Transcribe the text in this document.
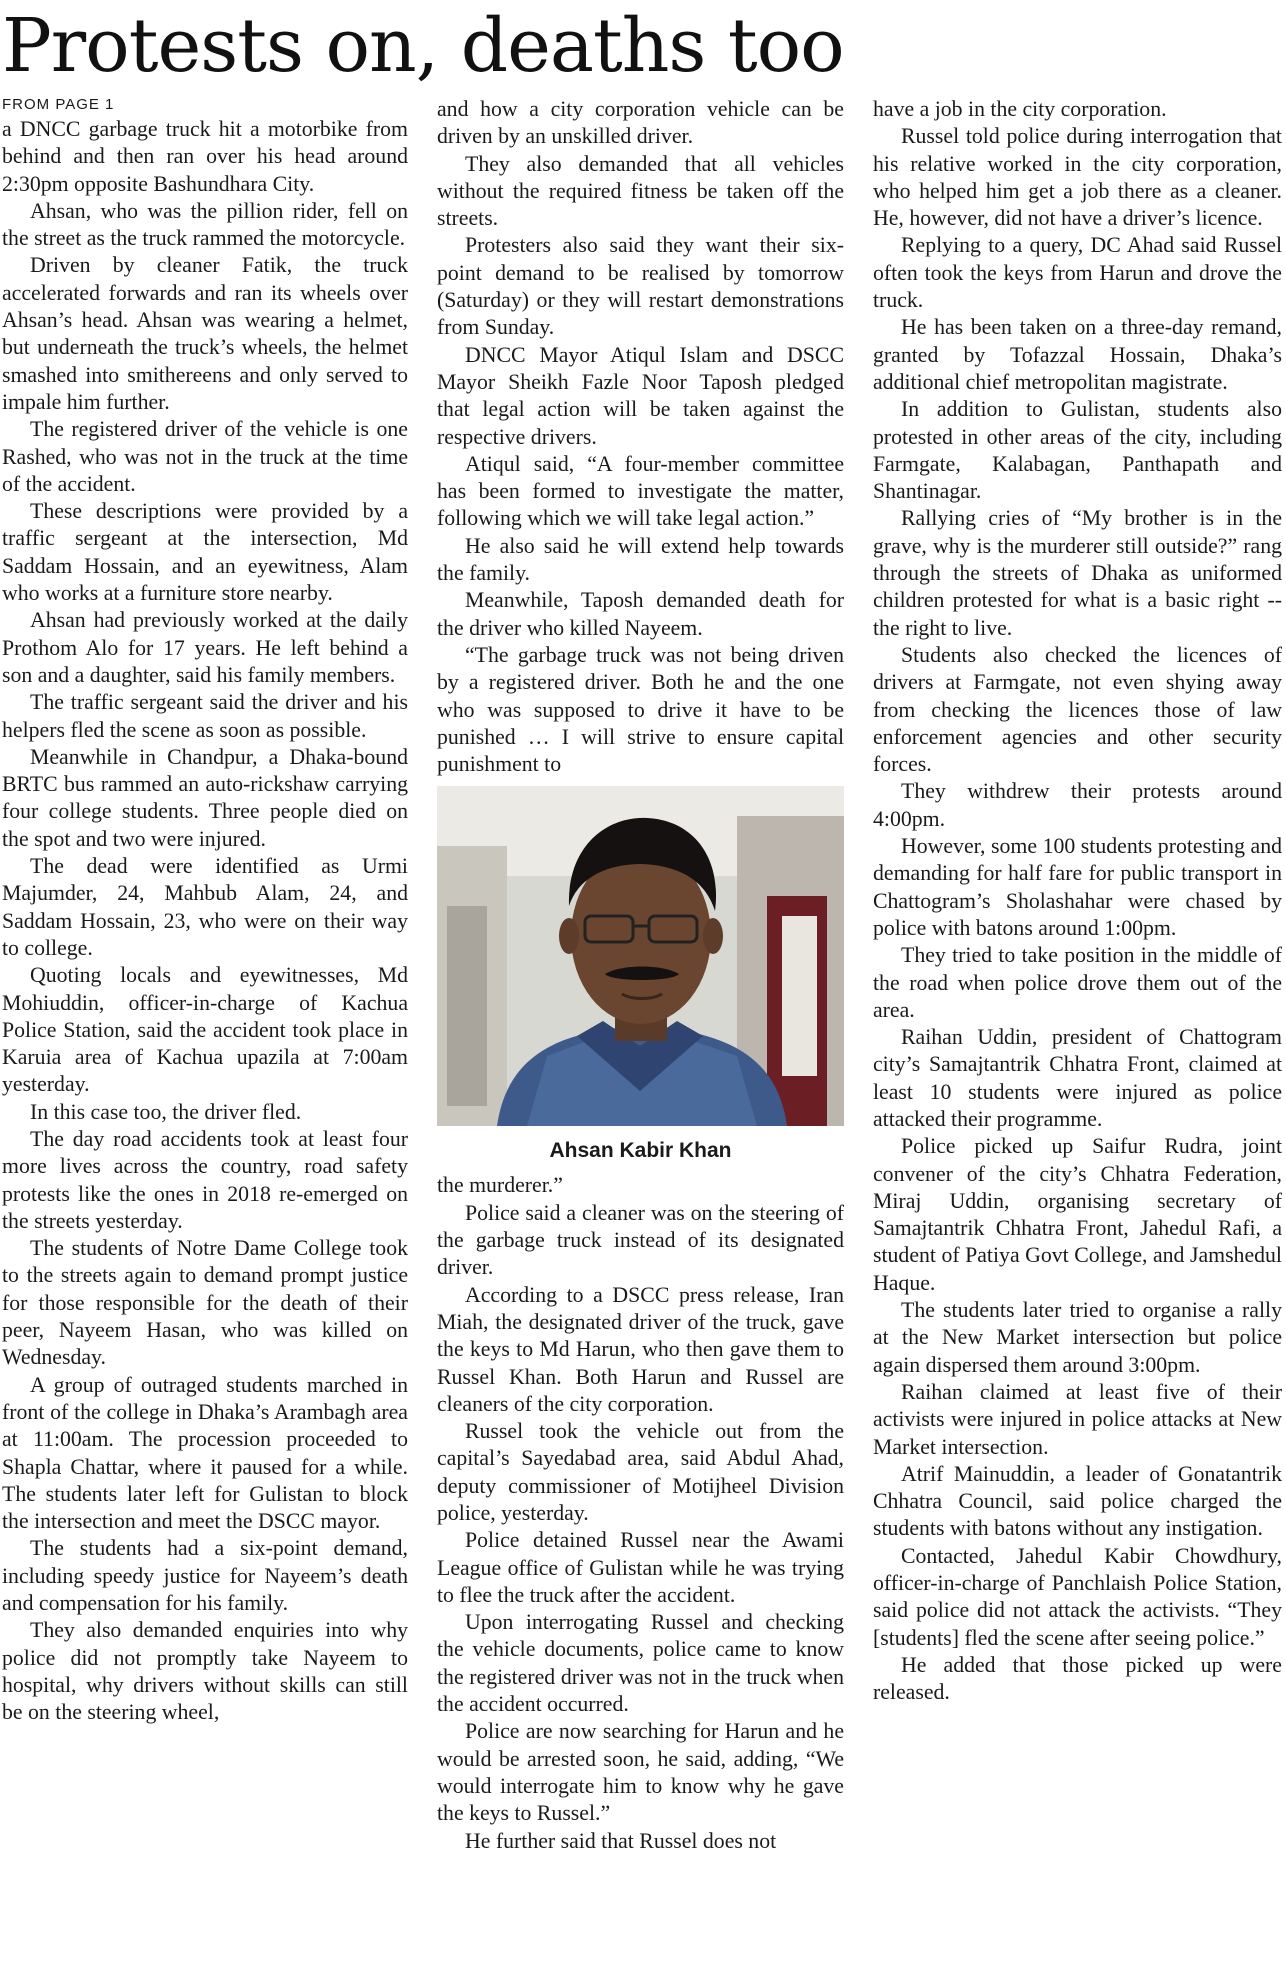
Protests on, deaths too
FROM PAGE 1

a DNCC garbage truck hit a motorbike from behind and then ran over his head around 2:30pm opposite Bashundhara City.

Ahsan, who was the pillion rider, fell on the street as the truck rammed the motorcycle.

Driven by cleaner Fatik, the truck accelerated forwards and ran its wheels over Ahsan’s head. Ahsan was wearing a helmet, but underneath the truck’s wheels, the helmet smashed into smithereens and only served to impale him further.

The registered driver of the vehicle is one Rashed, who was not in the truck at the time of the accident.

These descriptions were provided by a traffic sergeant at the intersection, Md Saddam Hossain, and an eyewitness, Alam who works at a furniture store nearby.

Ahsan had previously worked at the daily Prothom Alo for 17 years. He left behind a son and a daughter, said his family members.

The traffic sergeant said the driver and his helpers fled the scene as soon as possible.

Meanwhile in Chandpur, a Dhaka-bound BRTC bus rammed an auto-rickshaw carrying four college students. Three people died on the spot and two were injured.

The dead were identified as Urmi Majumder, 24, Mahbub Alam, 24, and Saddam Hossain, 23, who were on their way to college.

Quoting locals and eyewitnesses, Md Mohiuddin, officer-in-charge of Kachua Police Station, said the accident took place in Karuia area of Kachua upazila at 7:00am yesterday.

In this case too, the driver fled.

The day road accidents took at least four more lives across the country, road safety protests like the ones in 2018 re-emerged on the streets yesterday.

The students of Notre Dame College took to the streets again to demand prompt justice for those responsible for the death of their peer, Nayeem Hasan, who was killed on Wednesday.

A group of outraged students marched in front of the college in Dhaka’s Arambagh area at 11:00am. The procession proceeded to Shapla Chattar, where it paused for a while. The students later left for Gulistan to block the intersection and meet the DSCC mayor.

The students had a six-point demand, including speedy justice for Nayeem’s death and compensation for his family.

They also demanded enquiries into why police did not promptly take Nayeem to hospital, why drivers without skills can still be on the steering wheel,

and how a city corporation vehicle can be driven by an unskilled driver.

They also demanded that all vehicles without the required fitness be taken off the streets.

Protesters also said they want their six-point demand to be realised by tomorrow (Saturday) or they will restart demonstrations from Sunday.

DNCC Mayor Atiqul Islam and DSCC Mayor Sheikh Fazle Noor Taposh pledged that legal action will be taken against the respective drivers.

Atiqul said, “A four-member committee has been formed to investigate the matter, following which we will take legal action.”

He also said he will extend help towards the family.

Meanwhile, Taposh demanded death for the driver who killed Nayeem.

“The garbage truck was not being driven by a registered driver. Both he and the one who was supposed to drive it have to be punished … I will strive to ensure capital punishment to

Ahsan Kabir Khan

the murderer.”

Police said a cleaner was on the steering of the garbage truck instead of its designated driver.

According to a DSCC press release, Iran Miah, the designated driver of the truck, gave the keys to Md Harun, who then gave them to Russel Khan. Both Harun and Russel are cleaners of the city corporation.

Russel took the vehicle out from the capital’s Sayedabad area, said Abdul Ahad, deputy commissioner of Motijheel Division police, yesterday.

Police detained Russel near the Awami League office of Gulistan while he was trying to flee the truck after the accident.

Upon interrogating Russel and checking the vehicle documents, police came to know the registered driver was not in the truck when the accident occurred.

Police are now searching for Harun and he would be arrested soon, he said, adding, “We would interrogate him to know why he gave the keys to Russel.”

He further said that Russel does not

have a job in the city corporation.

Russel told police during interrogation that his relative worked in the city corporation, who helped him get a job there as a cleaner. He, however, did not have a driver’s licence.

Replying to a query, DC Ahad said Russel often took the keys from Harun and drove the truck.

He has been taken on a three-day remand, granted by Tofazzal Hossain, Dhaka’s additional chief metropolitan magistrate.

In addition to Gulistan, students also protested in other areas of the city, including Farmgate, Kalabagan, Panthapath and Shantinagar.

Rallying cries of “My brother is in the grave, why is the murderer still outside?” rang through the streets of Dhaka as uniformed children protested for what is a basic right -- the right to live.

Students also checked the licences of drivers at Farmgate, not even shying away from checking the licences those of law enforcement agencies and other security forces.

They withdrew their protests around 4:00pm.

However, some 100 students protesting and demanding for half fare for public transport in Chattogram’s Sholashahar were chased by police with batons around 1:00pm.

They tried to take position in the middle of the road when police drove them out of the area.

Raihan Uddin, president of Chattogram city’s Samajtantrik Chhatra Front, claimed at least 10 students were injured as police attacked their programme.

Police picked up Saifur Rudra, joint convener of the city’s Chhatra Federation, Miraj Uddin, organising secretary of Samajtantrik Chhatra Front, Jahedul Rafi, a student of Patiya Govt College, and Jamshedul Haque.

The students later tried to organise a rally at the New Market intersection but police again dispersed them around 3:00pm.

Raihan claimed at least five of their activists were injured in police attacks at New Market intersection.

Atrif Mainuddin, a leader of Gonatantrik Chhatra Council, said police charged the students with batons without any instigation.

Contacted, Jahedul Kabir Chowdhury, officer-in-charge of Panchlaish Police Station, said police did not attack the activists. “They [students] fled the scene after seeing police.”

He added that those picked up were released.
